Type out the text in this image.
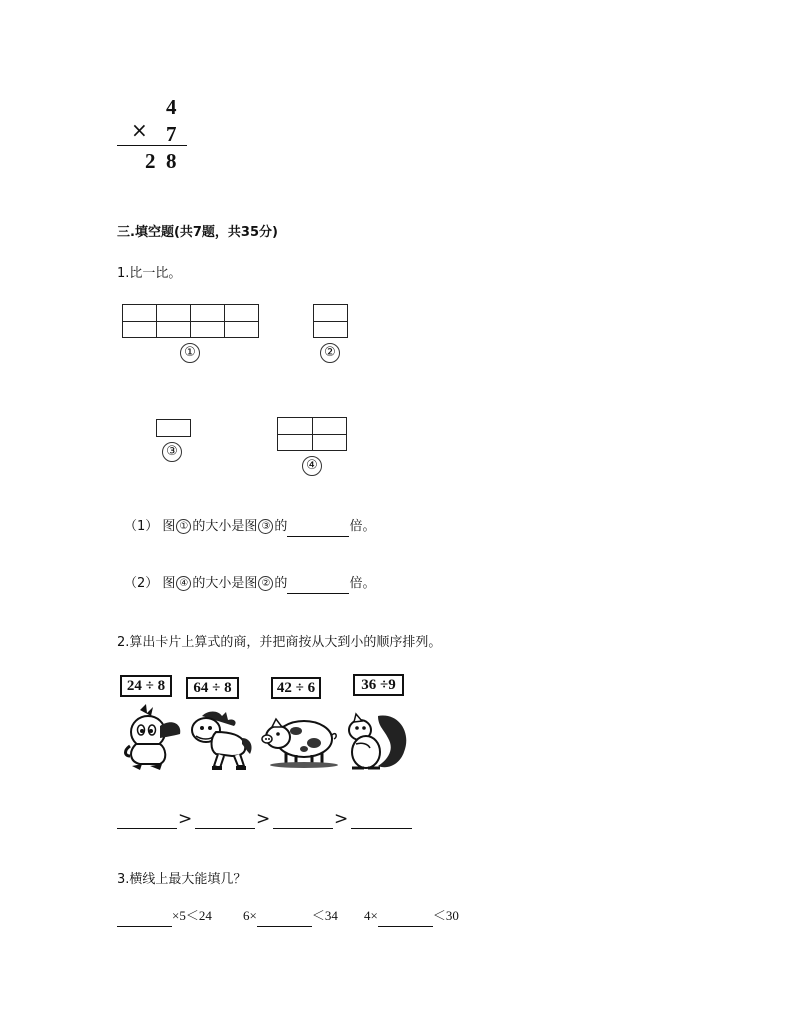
4
× 7
2 8
三.填空题(共7题，共35分)
1.比一比。
①	②
③
④
（1） 图 ① 的大小是图 ③ 的	倍。
（2） 图 ④ 的大小是图 ② 的	倍。
2.算出卡片上算式的商，并把商按从大到小的顺序排列。
24 ÷ 8	64 ÷ 8	42 ÷ 6	36 ÷9
>	>	>
3.横线上最大能填几？
×5＜24 6×	＜34 4×	＜30
